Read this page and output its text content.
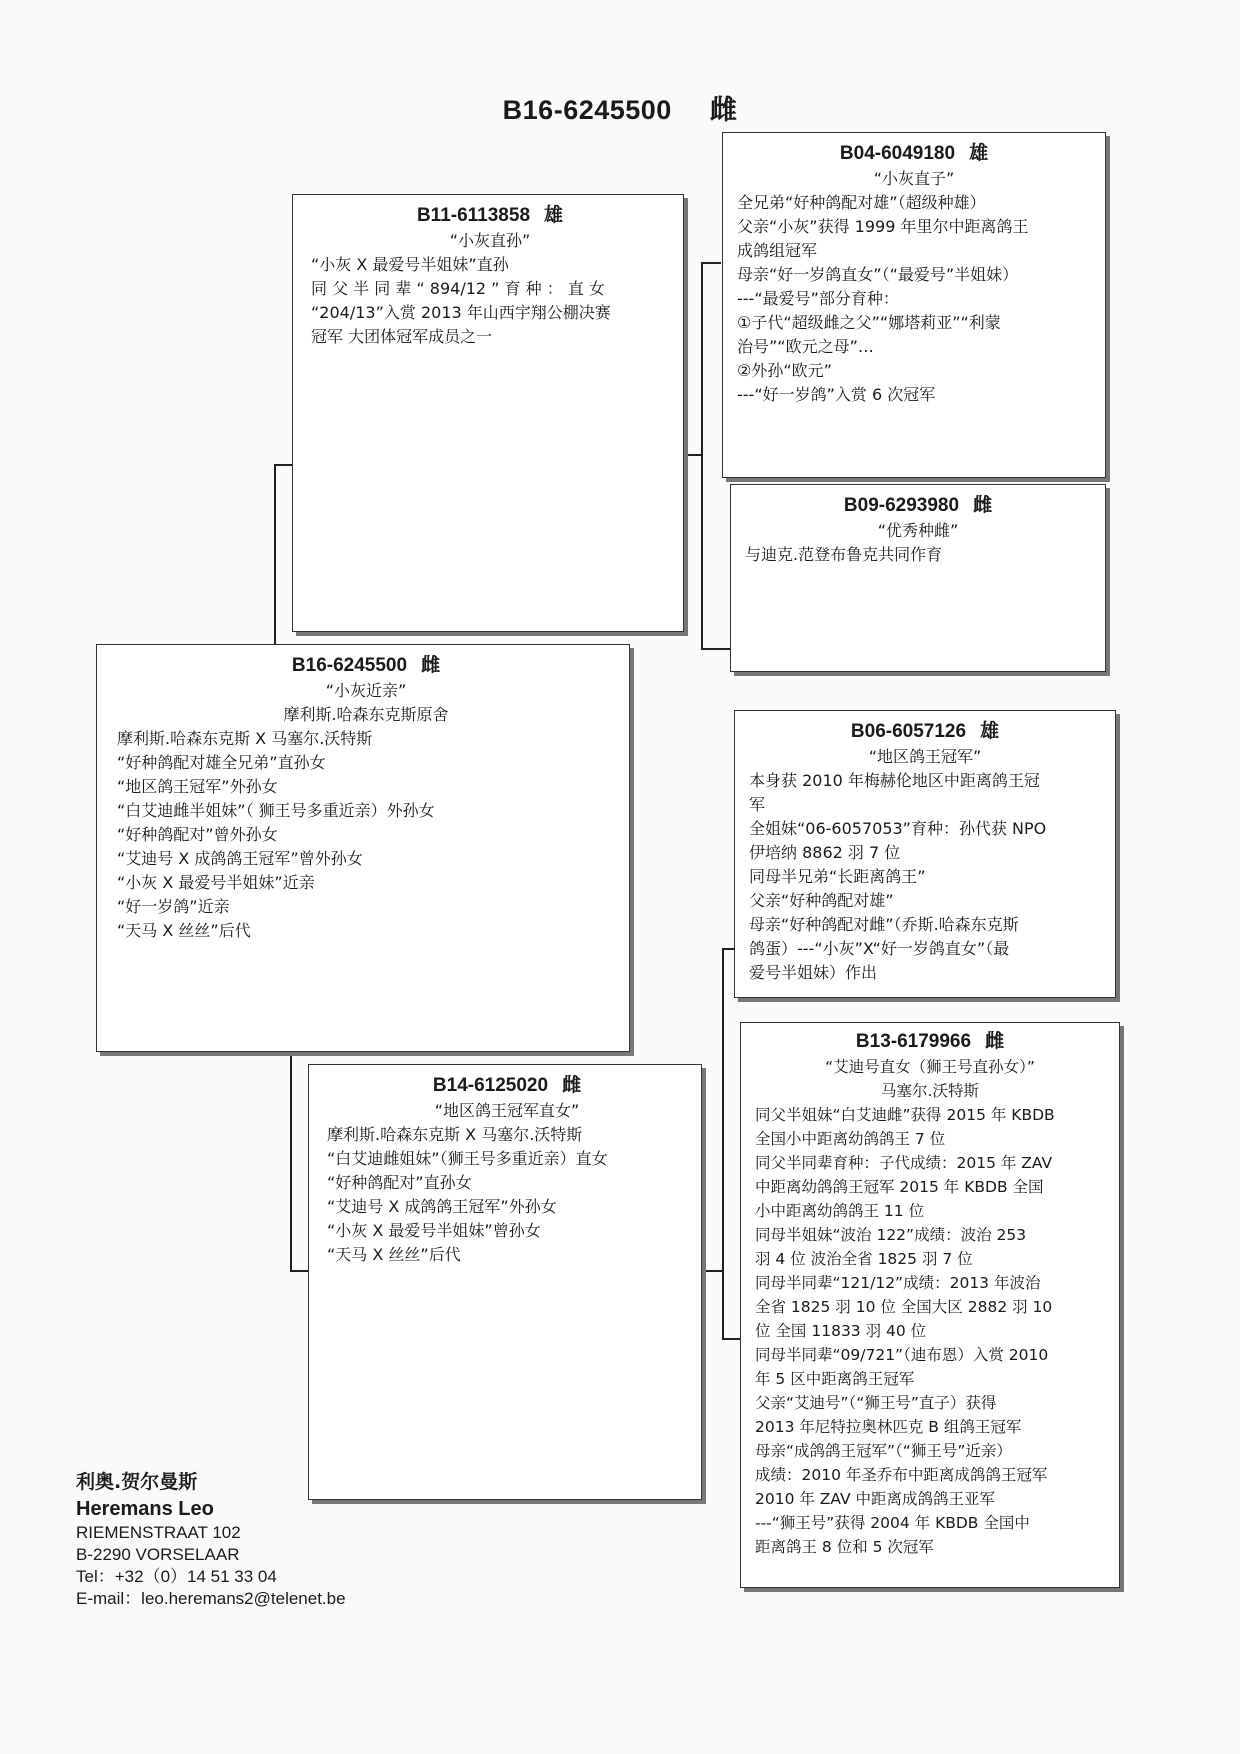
B16-6245500 雌
B04-6049180 雄
“小灰直子”
全兄弟“好种鸽配对雄”（超级种雄）
父亲“小灰”获得 1999 年里尔中距离鸽王
成鸽组冠军
母亲“好一岁鸽直女”（“最爱号”半姐妹）
---“最爱号”部分育种：
①子代“超级雌之父”“娜塔莉亚”“利蒙
治号”“欧元之母”…
②外孙“欧元”
---“好一岁鸽”入赏 6 次冠军
B09-6293980 雌
“优秀种雌”
与迪克.范登布鲁克共同作育
B11-6113858 雄
“小灰直孙”
“小灰 X 最爱号半姐妹”直孙
同 父 半 同 辈 “ 894/12 ” 育 种 ： 直 女
“204/13”入赏 2013 年山西宇翔公棚决赛
冠军 大团体冠军成员之一
B16-6245500 雌
“小灰近亲”
摩利斯.哈森东克斯原舍
摩利斯.哈森东克斯 X 马塞尔.沃特斯
“好种鸽配对雄全兄弟”直孙女
“地区鸽王冠军”外孙女
“白艾迪雌半姐妹”（ 狮王号多重近亲）外孙女
“好种鸽配对”曾外孙女
“艾迪号 X 成鸽鸽王冠军”曾外孙女
“小灰 X 最爱号半姐妹”近亲
“好一岁鸽”近亲
“天马 X 丝丝”后代
B06-6057126 雄
“地区鸽王冠军”
本身获 2010 年梅赫伦地区中距离鸽王冠
军
全姐妹“06-6057053”育种：孙代获 NPO
伊培纳 8862 羽 7 位
同母半兄弟“长距离鸽王”
父亲“好种鸽配对雄”
母亲“好种鸽配对雌”（乔斯.哈森东克斯
鸽蛋）---“小灰”X“好一岁鸽直女”（最
爱号半姐妹）作出
B14-6125020 雌
“地区鸽王冠军直女”
摩利斯.哈森东克斯 X 马塞尔.沃特斯
“白艾迪雌姐妹”（狮王号多重近亲）直女
“好种鸽配对”直孙女
“艾迪号 X 成鸽鸽王冠军”外孙女
“小灰 X 最爱号半姐妹”曾孙女
“天马 X 丝丝”后代
B13-6179966 雌
“艾迪号直女（狮王号直孙女）”
马塞尔.沃特斯
同父半姐妹“白艾迪雌”获得 2015 年 KBDB
全国小中距离幼鸽鸽王 7 位
同父半同辈育种：子代成绩：2015 年 ZAV
中距离幼鸽鸽王冠军 2015 年 KBDB 全国
小中距离幼鸽鸽王 11 位
同母半姐妹“波治 122”成绩：波治 253
羽 4 位 波治全省 1825 羽 7 位
同母半同辈“121/12”成绩：2013 年波治
全省 1825 羽 10 位 全国大区 2882 羽 10
位 全国 11833 羽 40 位
同母半同辈“09/721”（迪布恩）入赏 2010
年 5 区中距离鸽王冠军
父亲“艾迪号”（“狮王号”直子）获得
2013 年尼特拉奥林匹克 B 组鸽王冠军
母亲“成鸽鸽王冠军”（“狮王号”近亲）
成绩：2010 年圣乔布中距离成鸽鸽王冠军
2010 年 ZAV 中距离成鸽鸽王亚军
---“狮王号”获得 2004 年 KBDB 全国中
距离鸽王 8 位和 5 次冠军
利奥.贺尔曼斯
Heremans Leo
RIEMENSTRAAT 102
B-2290 VORSELAAR
Tel：+32（0）14 51 33 04
E-mail：leo.heremans2@telenet.be
